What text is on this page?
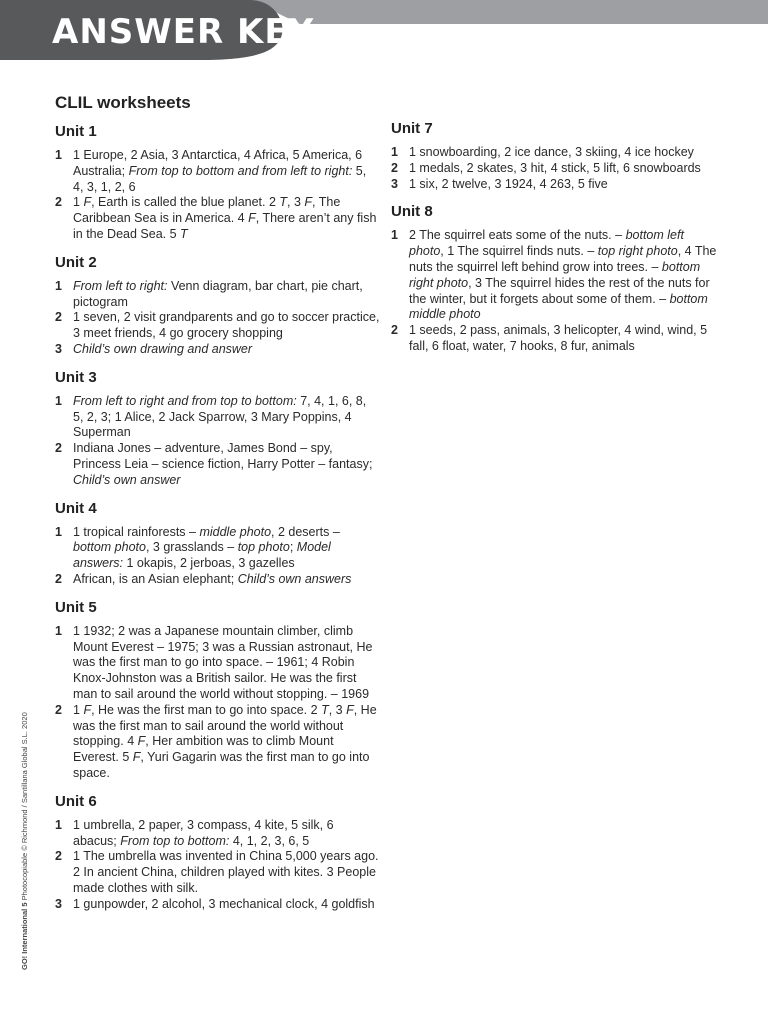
ANSWER KEY
CLIL worksheets
Unit 1
1 1 Europe, 2 Asia, 3 Antarctica, 4 Africa, 5 America, 6 Australia; From top to bottom and from left to right: 5, 4, 3, 1, 2, 6
2 1 F, Earth is called the blue planet. 2 T, 3 F, The Caribbean Sea is in America. 4 F, There aren’t any fish in the Dead Sea. 5 T
Unit 2
1 From left to right: Venn diagram, bar chart, pie chart, pictogram
2 1 seven, 2 visit grandparents and go to soccer practice, 3 meet friends, 4 go grocery shopping
3 Child’s own drawing and answer
Unit 3
1 From left to right and from top to bottom: 7, 4, 1, 6, 8, 5, 2, 3; 1 Alice, 2 Jack Sparrow, 3 Mary Poppins, 4 Superman
2 Indiana Jones – adventure, James Bond – spy, Princess Leia – science fiction, Harry Potter – fantasy; Child’s own answer
Unit 4
1 1 tropical rainforests – middle photo, 2 deserts – bottom photo, 3 grasslands – top photo; Model answers: 1 okapis, 2 jerboas, 3 gazelles
2 African, is an Asian elephant; Child’s own answers
Unit 5
1 1 1932; 2 was a Japanese mountain climber, climb Mount Everest – 1975; 3 was a Russian astronaut, He was the first man to go into space. – 1961; 4 Robin Knox-Johnston was a British sailor. He was the first man to sail around the world without stopping. – 1969
2 1 F, He was the first man to go into space. 2 T, 3 F, He was the first man to sail around the world without stopping. 4 F, Her ambition was to climb Mount Everest. 5 F, Yuri Gagarin was the first man to go into space.
Unit 6
1 1 umbrella, 2 paper, 3 compass, 4 kite, 5 silk, 6 abacus; From top to bottom: 4, 1, 2, 3, 6, 5
2 1 The umbrella was invented in China 5,000 years ago. 2 In ancient China, children played with kites. 3 People made clothes with silk.
3 1 gunpowder, 2 alcohol, 3 mechanical clock, 4 goldfish
Unit 7
1 1 snowboarding, 2 ice dance, 3 skiing, 4 ice hockey
2 1 medals, 2 skates, 3 hit, 4 stick, 5 lift, 6 snowboards
3 1 six, 2 twelve, 3 1924, 4 263, 5 five
Unit 8
1 2 The squirrel eats some of the nuts. – bottom left photo, 1 The squirrel finds nuts. – top right photo, 4 The nuts the squirrel left behind grow into trees. – bottom right photo, 3 The squirrel hides the rest of the nuts for the winter, but it forgets about some of them. – bottom middle photo
2 1 seeds, 2 pass, animals, 3 helicopter, 4 wind, wind, 5 fall, 6 float, water, 7 hooks, 8 fur, animals
GO! International 5 Photocopiable © Richmond / Santillana Global S.L. 2020
